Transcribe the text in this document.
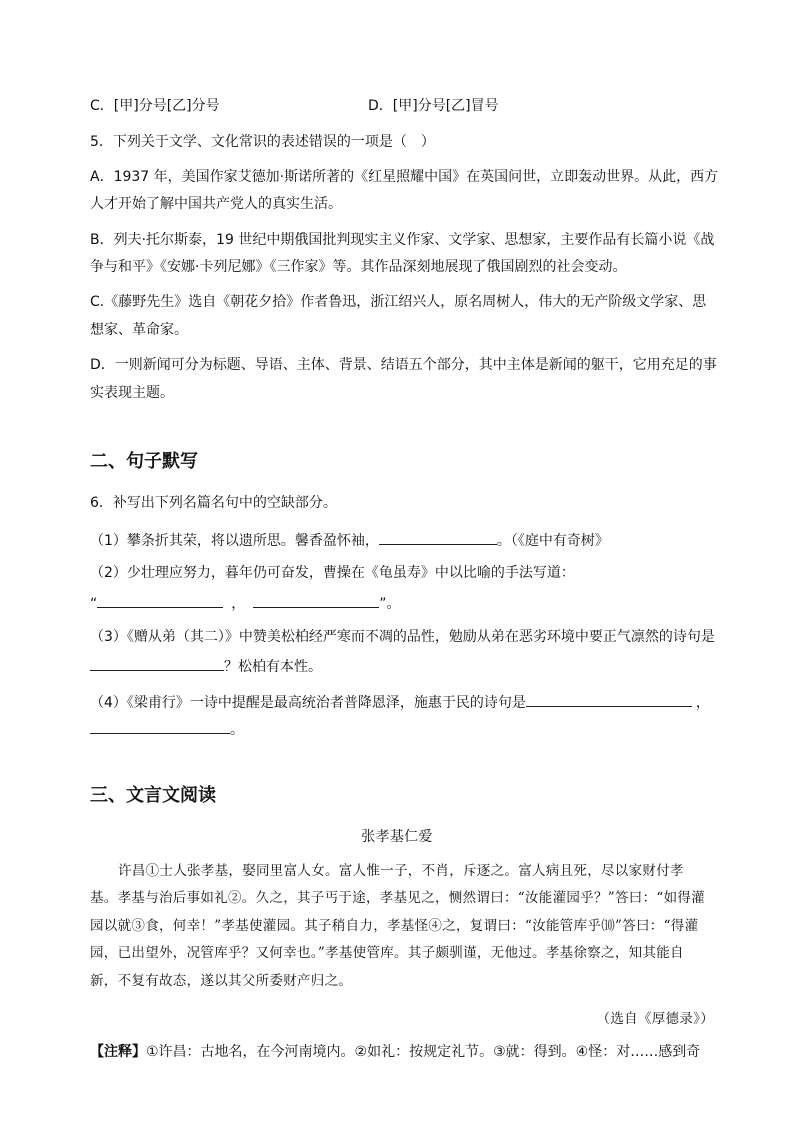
C．[甲]分号[乙]分号	D．[甲]分号[乙]冒号
5．下列关于文学、文化常识的表述错误的一项是（　）
A．1937 年，美国作家艾德加·斯诺所著的《红星照耀中国》在英国问世，立即轰动世界。从此，西方
人才开始了解中国共产党人的真实生活。
B．列夫·托尔斯泰，19 世纪中期俄国批判现实主义作家、文学家、思想家，主要作品有长篇小说《战
争与和平》《安娜·卡列尼娜》《三作家》等。其作品深刻地展现了俄国剧烈的社会变动。
C.《藤野先生》选自《朝花夕拾》作者鲁迅，浙江绍兴人，原名周树人，伟大的无产阶级文学家、思
想家、革命家。
D．一则新闻可分为标题、导语、主体、背景、结语五个部分，其中主体是新闻的躯干，它用充足的事
实表现主题。
二、句子默写
6．补写出下列名篇名句中的空缺部分。
（1）攀条折其荣，将以遗所思。馨香盈怀袖，	。（《庭中有奇树》
（2）少壮理应努力，暮年仍可奋发，曹操在《龟虽寿》中以比喻的手法写道：
“	，	”。
（3）《赠从弟（其二）》中赞美松柏经严寒而不凋的品性，勉励从弟在恶劣环境中要正气凛然的诗句是
？松柏有本性。
（4）《梁甫行》一诗中提醒是最高统治者普降恩泽，施惠于民的诗句是	，
。
三、文言文阅读
张孝基仁爱
许昌①士人张孝基，娶同里富人女。富人惟一子，不肖，斥逐之。富人病且死，尽以家财付孝
基。孝基与治后事如礼②。久之，其子丐于途，孝基见之，恻然谓曰：“汝能灌园乎？”答曰：“如得灌
园以就③食，何幸！”孝基使灌园。其子稍自力，孝基怪④之，复谓曰：“汝能管库乎⑽”答曰：“得灌
园，已出望外，况管库乎？又何幸也。”孝基使管库。其子颇驯谨，无他过。孝基徐察之，知其能自
新，不复有故态，遂以其父所委财产归之。
（选自《厚德录》）
【注释】①许昌：古地名，在今河南境内。②如礼：按规定礼节。③就：得到。④怪：对……感到奇
